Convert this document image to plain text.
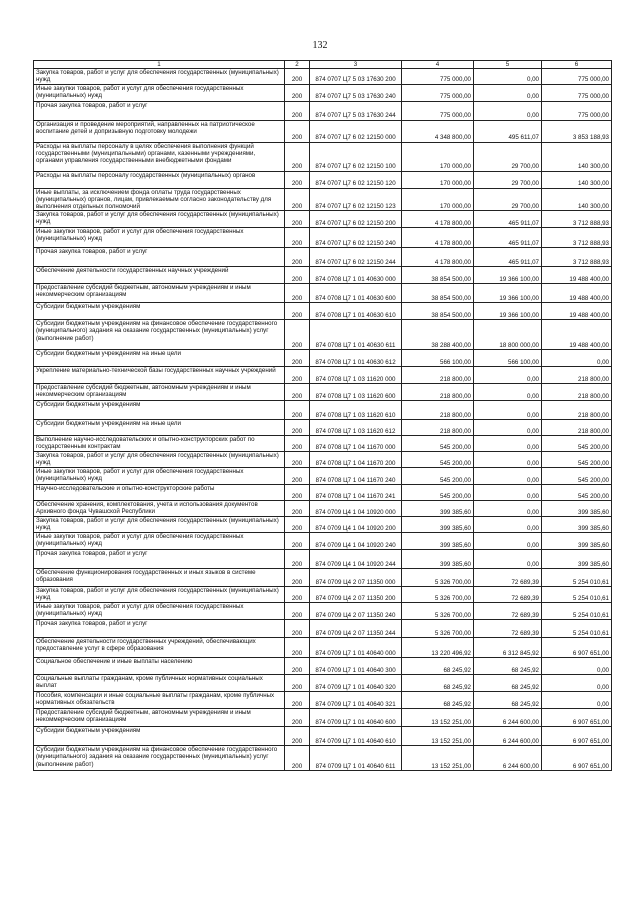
132
1	2	3	4	5	6
Закупка товаров, работ и услуг для обеспечения государственных (муниципальных) нужд	200	874 0707 Ц7 5 03 17630 200	775 000,00	0,00	775 000,00
Иные закупки товаров, работ и услуг для обеспечения государственных (муниципальных) нужд	200	874 0707 Ц7 5 03 17630 240	775 000,00	0,00	775 000,00
Прочая закупка товаров, работ и услуг	200	874 0707 Ц7 5 03 17630 244	775 000,00	0,00	775 000,00
Организация и проведение мероприятий, направленных на патриотическое воспитание детей и допризывную подготовку молодежи	200	874 0707 Ц7 6 02 12150 000	4 348 800,00	495 611,07	3 853 188,93
Расходы на выплаты персоналу в целях обеспечения выполнения функций государственными (муниципальными) органами, казенными учреждениями, органами управления государственными внебюджетными фондами	200	874 0707 Ц7 6 02 12150 100	170 000,00	29 700,00	140 300,00
Расходы на выплаты персоналу государственных (муниципальных) органов	200	874 0707 Ц7 6 02 12150 120	170 000,00	29 700,00	140 300,00
Иные выплаты, за исключением фонда оплаты труда государственных (муниципальных) органов, лицам, привлекаемым согласно законодательству для выполнения отдельных полномочий	200	874 0707 Ц7 6 02 12150 123	170 000,00	29 700,00	140 300,00
Закупка товаров, работ и услуг для обеспечения государственных (муниципальных) нужд	200	874 0707 Ц7 6 02 12150 200	4 178 800,00	465 911,07	3 712 888,93
Иные закупки товаров, работ и услуг для обеспечения государственных (муниципальных) нужд	200	874 0707 Ц7 6 02 12150 240	4 178 800,00	465 911,07	3 712 888,93
Прочая закупка товаров, работ и услуг	200	874 0707 Ц7 6 02 12150 244	4 178 800,00	465 911,07	3 712 888,93
Обеспечение деятельности государственных научных учреждений	200	874 0708 Ц7 1 01 40630 000	38 854 500,00	19 366 100,00	19 488 400,00
Предоставление субсидий бюджетным, автономным учреждениям и иным некоммерческим организациям	200	874 0708 Ц7 1 01 40630 600	38 854 500,00	19 366 100,00	19 488 400,00
Субсидии бюджетным учреждениям	200	874 0708 Ц7 1 01 40630 610	38 854 500,00	19 366 100,00	19 488 400,00
Субсидии бюджетным учреждениям на финансовое обеспечение государственного (муниципального) задания на оказание государственных (муниципальных) услуг (выполнение работ)	200	874 0708 Ц7 1 01 40630 611	38 288 400,00	18 800 000,00	19 488 400,00
Субсидии бюджетным учреждениям на иные цели	200	874 0708 Ц7 1 01 40630 612	566 100,00	566 100,00	0,00
Укрепление материально-технической базы государственных научных учреждений	200	874 0708 Ц7 1 03 11620 000	218 800,00	0,00	218 800,00
Предоставление субсидий бюджетным, автономным учреждениям и иным некоммерческим организациям	200	874 0708 Ц7 1 03 11620 600	218 800,00	0,00	218 800,00
Субсидии бюджетным учреждениям	200	874 0708 Ц7 1 03 11620 610	218 800,00	0,00	218 800,00
Субсидии бюджетным учреждениям на иные цели	200	874 0708 Ц7 1 03 11620 612	218 800,00	0,00	218 800,00
Выполнение научно-исследовательских и опытно-конструкторских работ по государственным контрактам	200	874 0708 Ц7 1 04 11670 000	545 200,00	0,00	545 200,00
Закупка товаров, работ и услуг для обеспечения государственных (муниципальных) нужд	200	874 0708 Ц7 1 04 11670 200	545 200,00	0,00	545 200,00
Иные закупки товаров, работ и услуг для обеспечения государственных (муниципальных) нужд	200	874 0708 Ц7 1 04 11670 240	545 200,00	0,00	545 200,00
Научно-исследовательские и опытно-конструкторские работы	200	874 0708 Ц7 1 04 11670 241	545 200,00	0,00	545 200,00
Обеспечение хранения, комплектования, учета и использования документов Архивного фонда Чувашской Республики	200	874 0709 Ц4 1 04 10920 000	399 385,60	0,00	399 385,60
Закупка товаров, работ и услуг для обеспечения государственных (муниципальных) нужд	200	874 0709 Ц4 1 04 10920 200	399 385,60	0,00	399 385,60
Иные закупки товаров, работ и услуг для обеспечения государственных (муниципальных) нужд	200	874 0709 Ц4 1 04 10920 240	399 385,60	0,00	399 385,60
Прочая закупка товаров, работ и услуг	200	874 0709 Ц4 1 04 10920 244	399 385,60	0,00	399 385,60
Обеспечение функционирования государственных и иных языков в системе образования	200	874 0709 Ц4 2 07 11350 000	5 326 700,00	72 689,39	5 254 010,61
Закупка товаров, работ и услуг для обеспечения государственных (муниципальных) нужд	200	874 0709 Ц4 2 07 11350 200	5 326 700,00	72 689,39	5 254 010,61
Иные закупки товаров, работ и услуг для обеспечения государственных (муниципальных) нужд	200	874 0709 Ц4 2 07 11350 240	5 326 700,00	72 689,39	5 254 010,61
Прочая закупка товаров, работ и услуг	200	874 0709 Ц4 2 07 11350 244	5 326 700,00	72 689,39	5 254 010,61
Обеспечение деятельности государственных учреждений, обеспечивающих предоставление услуг в сфере образования	200	874 0709 Ц7 1 01 40640 000	13 220 496,92	6 312 845,92	6 907 651,00
Социальное обеспечение и иные выплаты населению	200	874 0709 Ц7 1 01 40640 300	68 245,92	68 245,92	0,00
Социальные выплаты гражданам, кроме публичных нормативных социальных выплат	200	874 0709 Ц7 1 01 40640 320	68 245,92	68 245,92	0,00
Пособия, компенсации и иные социальные выплаты гражданам, кроме публичных нормативных обязательств	200	874 0709 Ц7 1 01 40640 321	68 245,92	68 245,92	0,00
Предоставление субсидий бюджетным, автономным учреждениям и иным некоммерческим организациям	200	874 0709 Ц7 1 01 40640 600	13 152 251,00	6 244 600,00	6 907 651,00
Субсидии бюджетным учреждениям	200	874 0709 Ц7 1 01 40640 610	13 152 251,00	6 244 600,00	6 907 651,00
Субсидии бюджетным учреждениям на финансовое обеспечение государственного (муниципального) задания на оказание государственных (муниципальных) услуг (выполнение работ)	200	874 0709 Ц7 1 01 40640 611	13 152 251,00	6 244 600,00	6 907 651,00
